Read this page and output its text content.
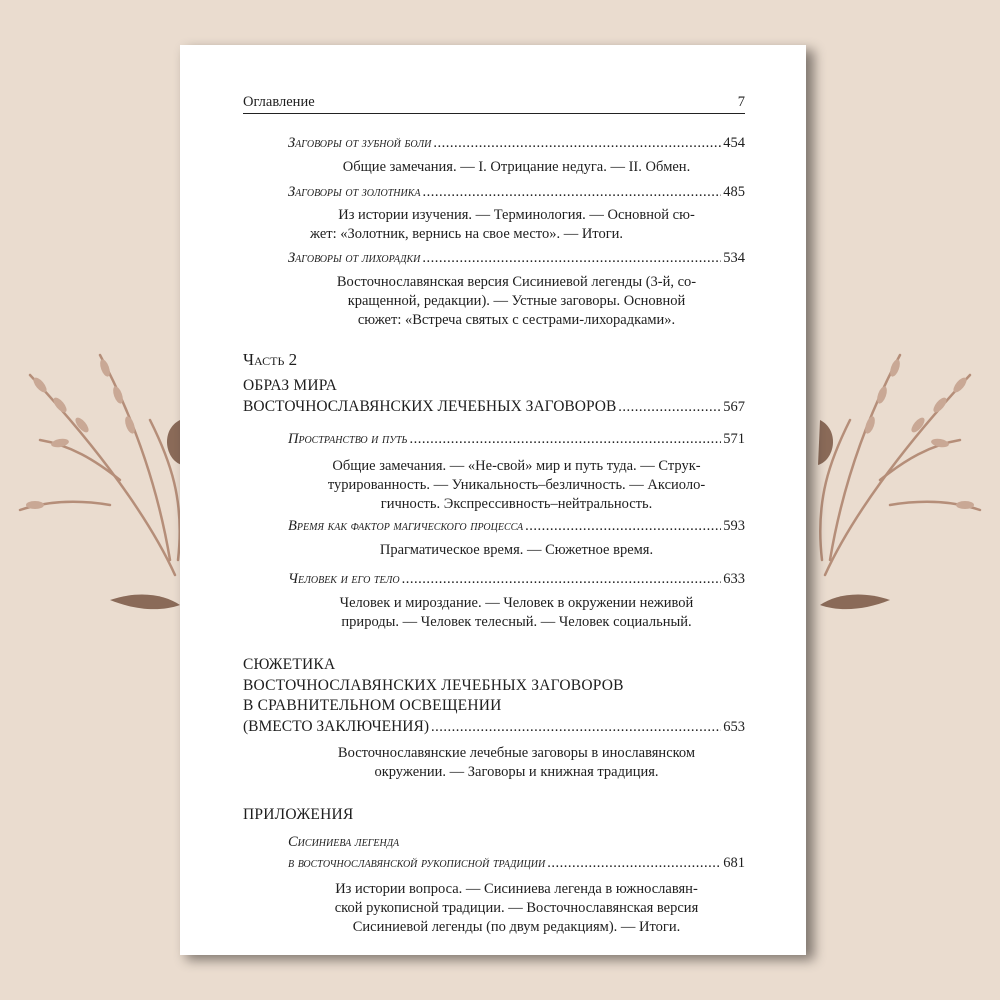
Оглавление	7
Заговоры от зубной боли .....	454
Общие замечания. — I. Отрицание недуга. — II. Обмен.
Заговоры от золотника .....	485
Из истории изучения. — Терминология. — Основной сю-
жет: «Золотник, вернись на свое место». — Итоги.
Заговоры от лихорадки .....	534
Восточнославянская версия Сисиниевой легенды (3-й, со-
кращенной, редакции). — Устные заговоры. Основной
сюжет: «Встреча святых с сестрами-лихорадками».
Часть 2
ОБРАЗ МИРА
ВОСТОЧНОСЛАВЯНСКИХ ЛЕЧЕБНЫХ ЗАГОВОРОВ .....	567
Пространство и путь .....	571
Общие замечания. — «Не-свой» мир и путь туда. — Струк-
турированность. — Уникальность–безличность. — Аксиоло-
гичность. Экспрессивность–нейтральность.
Время как фактор магического процесса .....	593
Прагматическое время. — Сюжетное время.
Человек и его тело .....	633
Человек и мироздание. — Человек в окружении неживой
природы. — Человек телесный. — Человек социальный.
СЮЖЕТИКА
ВОСТОЧНОСЛАВЯНСКИХ ЛЕЧЕБНЫХ ЗАГОВОРОВ
В СРАВНИТЕЛЬНОМ ОСВЕЩЕНИИ
(ВМЕСТО ЗАКЛЮЧЕНИЯ) .....	653
Восточнославянские лечебные заговоры в инославянском
окружении. — Заговоры и книжная традиция.
ПРИЛОЖЕНИЯ
Сисиниева легенда
в восточнославянской рукописной традиции .....	681
Из истории вопроса. — Сисиниева легенда в южнославян-
ской рукописной традиции. — Восточнославянская версия
Сисиниевой легенды (по двум редакциям). — Итоги.
